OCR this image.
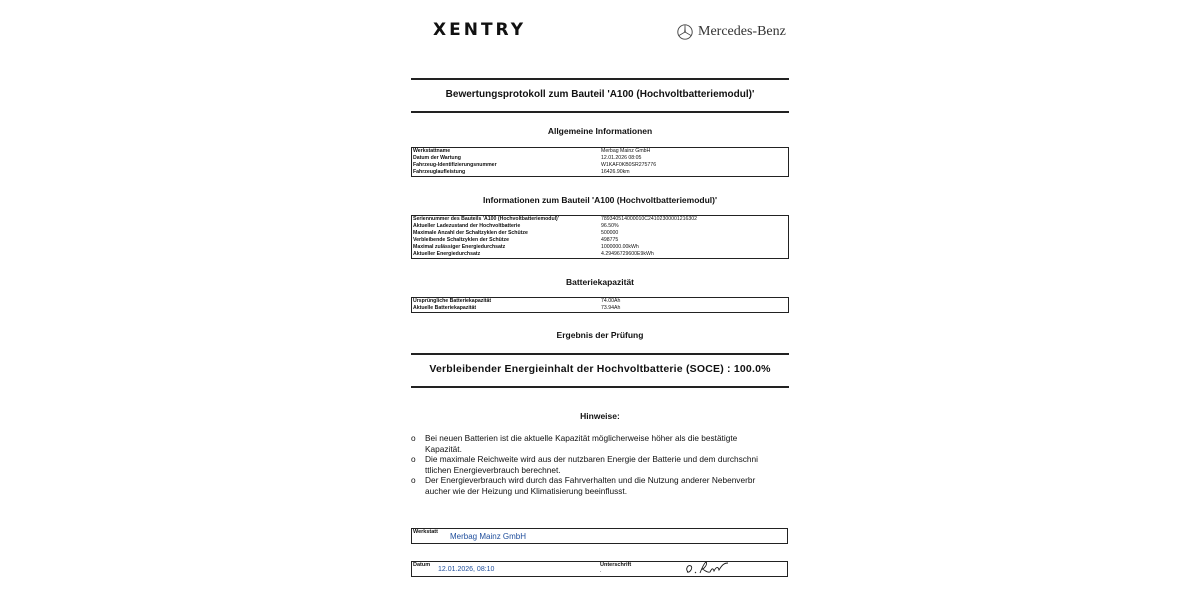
XENTRY	Mercedes-Benz
Bewertungsprotokoll zum Bauteil 'A100 (Hochvoltbatteriemodul)'
Allgemeine Informationen
Werkstattname	Merbag Mainz GmbH
Datum der Wartung	12.01.2026 08:05
Fahrzeug-Identifizierungsnummer	W1KAF0KB0SR275776
Fahrzeuglaufleistung	16426.90km
Informationen zum Bauteil 'A100 (Hochvoltbatteriemodul)'
Seriennummer des Bauteils 'A100 (Hochvoltbatteriemodul)'	789340514000010C24102300001216302
Aktueller Ladezustand der Hochvoltbatterie	96.50%
Maximale Anzahl der Schaltzyklen der Schütze	500000
Verbleibende Schaltzyklen der Schütze	498775
Maximal zulässiger Energiedurchsatz	1000000.00kWh
Aktueller Energiedurchsatz	4.29496729600E9kWh
Batteriekapazität
Ursprüngliche Batteriekapazität	74.00Ah
Aktuelle Batteriekapazität	73.94Ah
Ergebnis der Prüfung
Verbleibender Energieinhalt der Hochvoltbatterie (SOCE) : 100.0%
Hinweise:
o	Bei neuen Batterien ist die aktuelle Kapazität möglicherweise höher als die bestätigte
Kapazität.
o	Die maximale Reichweite wird aus der nutzbaren Energie der Batterie und dem durchschni
ttlichen Energieverbrauch berechnet.
o	Der Energieverbrauch wird durch das Fahrverhalten und die Nutzung anderer Nebenverbr
aucher wie der Heizung und Klimatisierung beeinflusst.
Werkstatt Merbag Mainz GmbH
Datum
12.01.2026, 08:10
Unterschrift
.
